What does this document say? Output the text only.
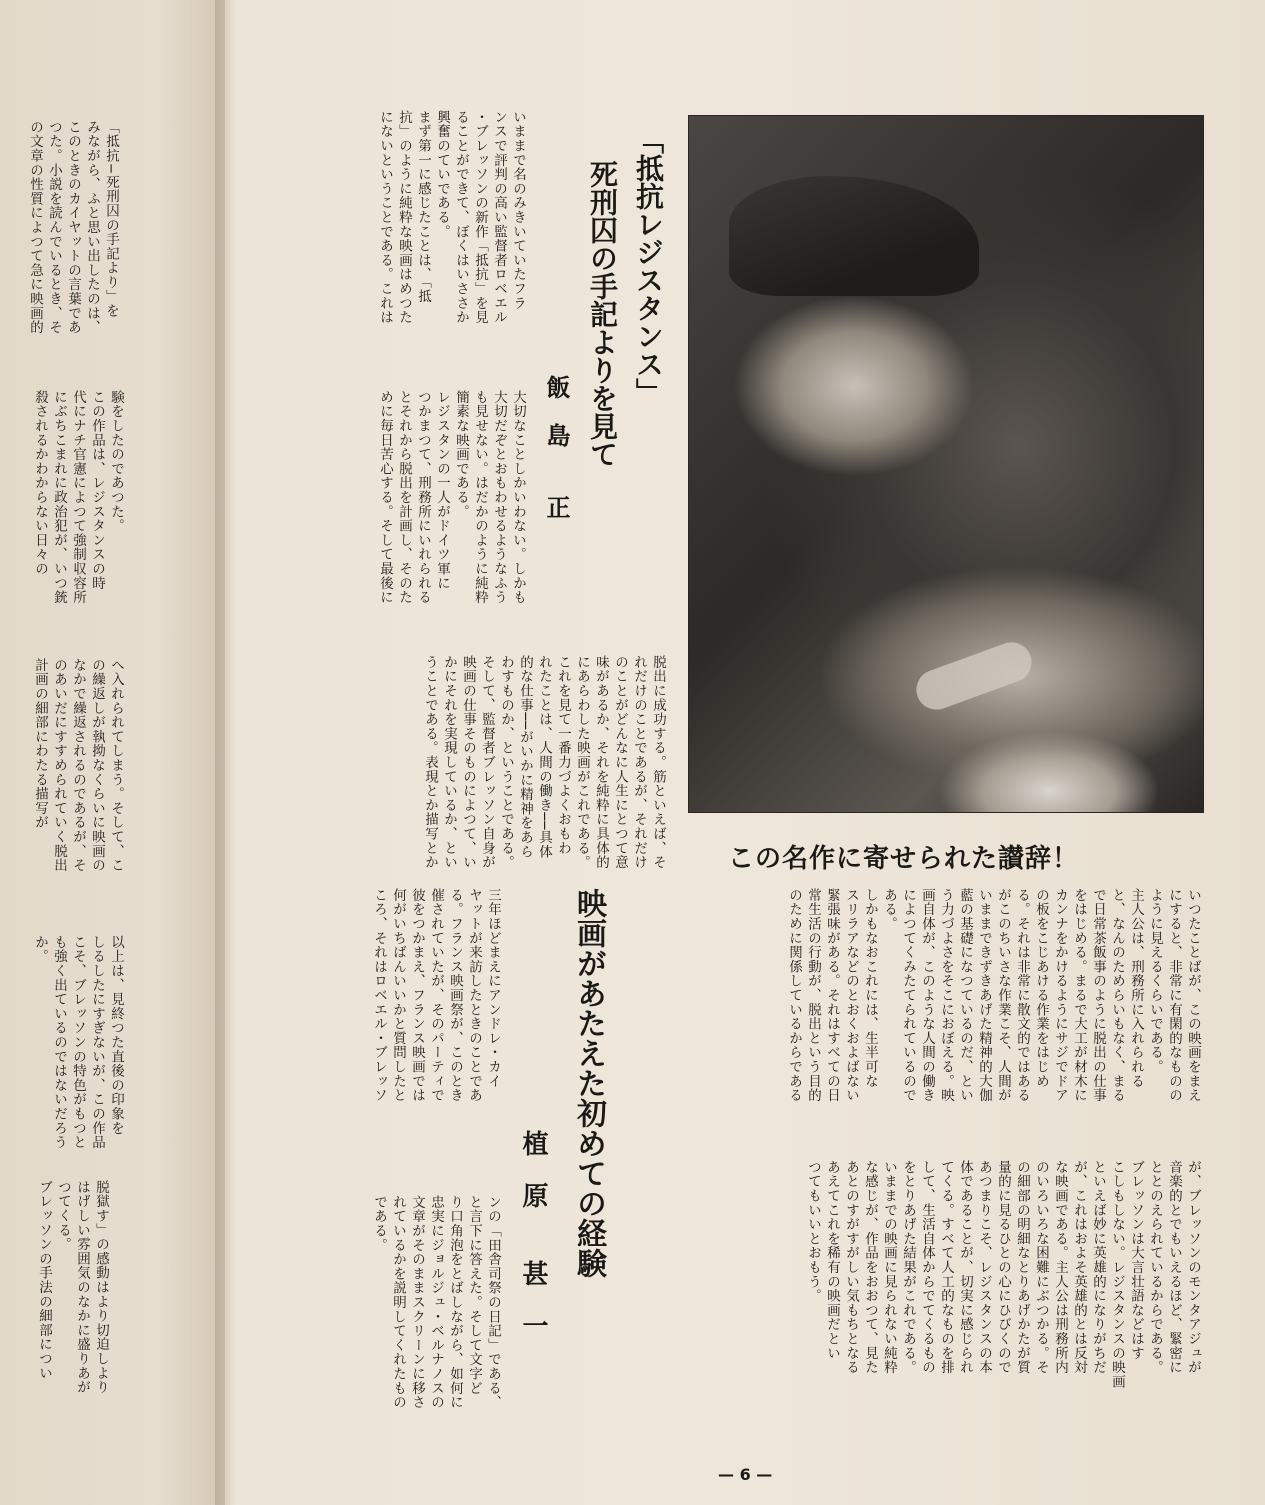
「抵抗−死刑囚の手記より」を
みながら、ふと思い出したのは、
このときのカイヤットの言葉であ
つた。小説を読んでいるとき、そ
の文章の性質によつて急に映画的
験をしたのであつた。
この作品は、レジスタンスの時
代にナチ官憲によつて強制収容所
にぶちこまれに政治犯が、いつ銃
殺されるかわからない日々の
へ入れられてしまう。そして、こ
の繰返しが執拗なくらいに映画の
なかで繰返されるのであるが、そ
のあいだにすすめられていく脱出
計画の細部にわたる描写が
以上は、見終つた直後の印象を
しるしたにすぎないが、この作品
こそ、ブレッソンの特色がもつと
も強く出ているのではないだろう
か。
脱獄す」の感動はより切迫しより
はげしい雰囲気のなかに盛りあが
つてくる。
ブレッソンの手法の細部につい
「抵抗レジスタンス」
死刑囚の手記よりを見て
飯　島　　正
いままで名のみきいていたフラ
ンスで評判の高い監督者ロベエル
・ブレッソンの新作「抵抗」を見
ることができて、ぼくはいささか
興奮のていである。
まず第一に感じたことは、「抵
抗」のように純粋な映画はめつた
にないということである。これは
大切なことしかいわない。しかも
大切だぞとおもわせるようなふう
も見せない。はだかのように純粋
簡素な映画である。
レジスタンの一人がドイツ軍に
つかまつて、刑務所にいれられる
とそれから脱出を計画し、そのた
めに毎日苦心する。そして最後に
脱出に成功する。筋といえば、そ
れだけのことであるが、それだけ
のことがどんなに人生にとつて意
味があるか、それを純粋に具体的
にあらわした映画がこれである。
これを見て一番力づよくおもわ
れたことは、人間の働き──具体
的な仕事──がいかに精神をあら
わすものか、ということである。
そして、監督者ブレッソン自身が
映画の仕事そのものによつて、い
かにそれを実現しているか、とい
うことである。表現とか描写とか	この名作に寄せられた讃辞！
いつたことばが、この映画をまえ
にすると、非常に有閑的なものの
ように見えるくらいである。
主人公は、刑務所に入れられる
と、なんのためらいもなく、まる
で日常茶飯事のように脱出の仕事
をはじめる。まるで大工が材木に
カンナをかけるようにサジでドア
の板をこじあける作業をはじめ
る。それは非常に散文的ではある
がこのちいさな作業こそ、人間が
いままできずきあげた精神的大伽
藍の基礎になつているのだ、とい
う力づよさをそこにおぼえる。映
画自体が、このような人間の働き
によつてくみたてられているので
ある。
しかもなおこれには、生半可な
スリラアなどのとおくおよばない
緊張味がある。それはすべての日
常生活の行動が、脱出という目的
のために関係しているからである
が、ブレッソンのモンタアジュが
音楽的とでもいえるほど、緊密に
ととのえられているからである。
ブレッソンは大言壮語などはす
こしもしない。レジスタンスの映画
といえば妙に英雄的になりがちだ
が、これはおよそ英雄的とは反対
な映画である。主人公は刑務所内
のいろいろな困難にぶつかる。そ
の細部の明細なとりあげかたが質
量的に見るひとの心にひびくので
あつまりこそ、レジスタンスの本
体であることが、切実に感じられ
てくる。すべて人工的なものを排
して、生活自体からでてくるもの
をとりあげた結果がこれである。
いままでの映画に見られない純粋
な感じが、作品をおおつて、見た
あとのすがすがしい気もちとなる
あえてこれを稀有の映画だとい
つてもいいとおもう。
映画があたえた初めての経験
植　原　　甚　一
三年ほどまえにアンドレ・カイ
ヤットが来訪したときのことであ
る。フランス映画祭が、このとき
催されていたが、そのパーティで
彼をつかまえ、フランス映画では
何がいちばんいいかと質問したと
ころ、それはロベエル・ブレッソ
ンの「田舎司祭の日記」である、
と言下に答えた。そして文字ど
り口角泡をとばしながら、如何に
忠実にジョルジュ・ベルナノスの
文章がそのままスクリーンに移さ
れているかを説明してくれたもの
である。
— 6 —
